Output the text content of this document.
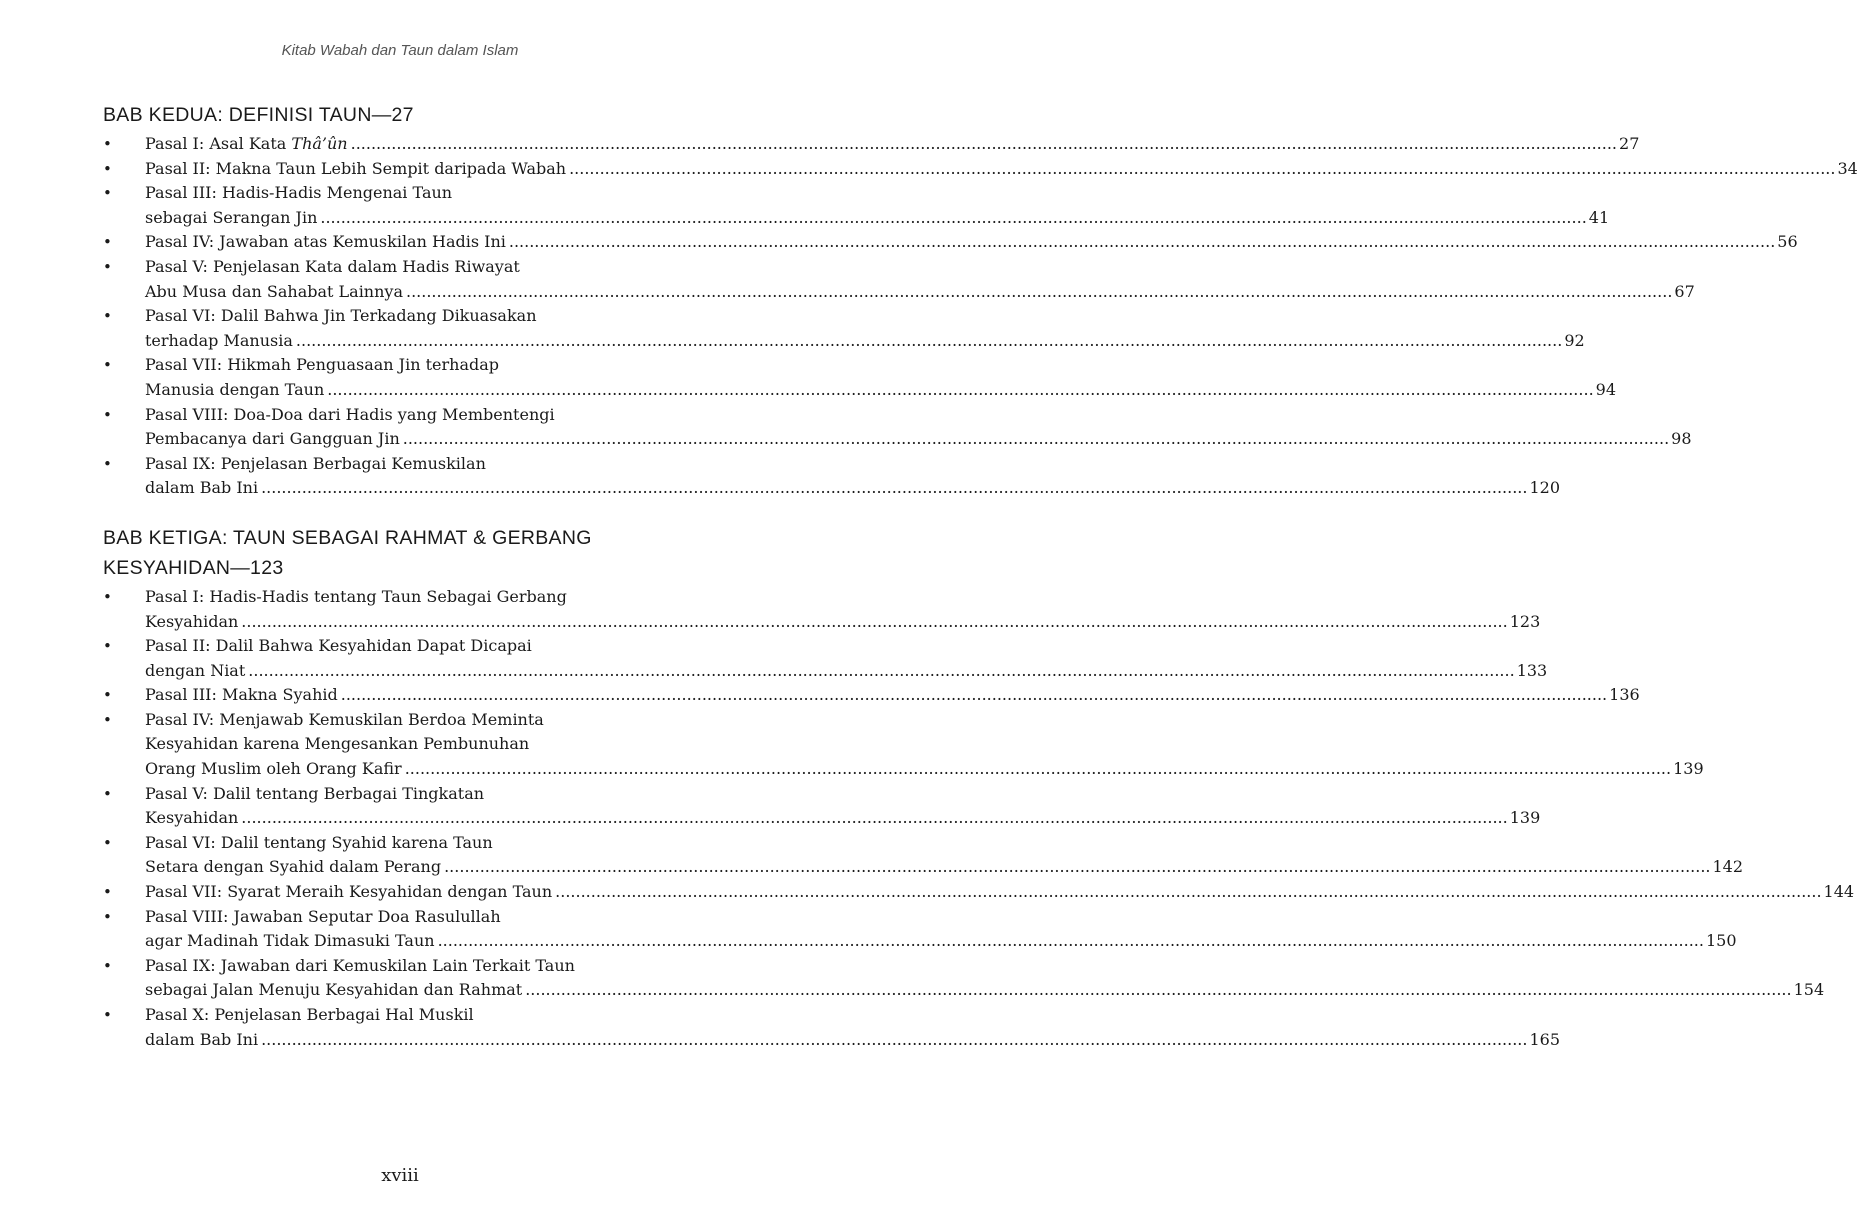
Kitab Wabah dan Taun dalam Islam
BAB KEDUA: DEFINISI TAUN—27
• Pasal I: Asal Kata Thâ’ûn .....	27
• Pasal II: Makna Taun Lebih Sempit daripada Wabah .....	34
• Pasal III: Hadis-Hadis Mengenai Taun
sebagai Serangan Jin .....	41
• Pasal IV: Jawaban atas Kemuskilan Hadis Ini .....	56
• Pasal V: Penjelasan Kata dalam Hadis Riwayat
Abu Musa dan Sahabat Lainnya .....	67
• Pasal VI: Dalil Bahwa Jin Terkadang Dikuasakan
terhadap Manusia .....	92
• Pasal VII: Hikmah Penguasaan Jin terhadap
Manusia dengan Taun .....	94
• Pasal VIII: Doa-Doa dari Hadis yang Membentengi
Pembacanya dari Gangguan Jin .....	98
• Pasal IX: Penjelasan Berbagai Kemuskilan
dalam Bab Ini .....	120
BAB KETIGA: TAUN SEBAGAI RAHMAT & GERBANG KESYAHIDAN—123
• Pasal I: Hadis-Hadis tentang Taun Sebagai Gerbang
Kesyahidan .....	123
• Pasal II: Dalil Bahwa Kesyahidan Dapat Dicapai
dengan Niat .....	133
• Pasal III: Makna Syahid .....	136
• Pasal IV: Menjawab Kemuskilan Berdoa Meminta
Kesyahidan karena Mengesankan Pembunuhan
Orang Muslim oleh Orang Kafir .....	139
• Pasal V: Dalil tentang Berbagai Tingkatan
Kesyahidan .....	139
• Pasal VI: Dalil tentang Syahid karena Taun
Setara dengan Syahid dalam Perang .....	142
• Pasal VII: Syarat Meraih Kesyahidan dengan Taun .....	144
• Pasal VIII: Jawaban Seputar Doa Rasulullah
agar Madinah Tidak Dimasuki Taun .....	150
• Pasal IX: Jawaban dari Kemuskilan Lain Terkait Taun
sebagai Jalan Menuju Kesyahidan dan Rahmat .....	154
• Pasal X: Penjelasan Berbagai Hal Muskil
dalam Bab Ini .....	165
xviii
